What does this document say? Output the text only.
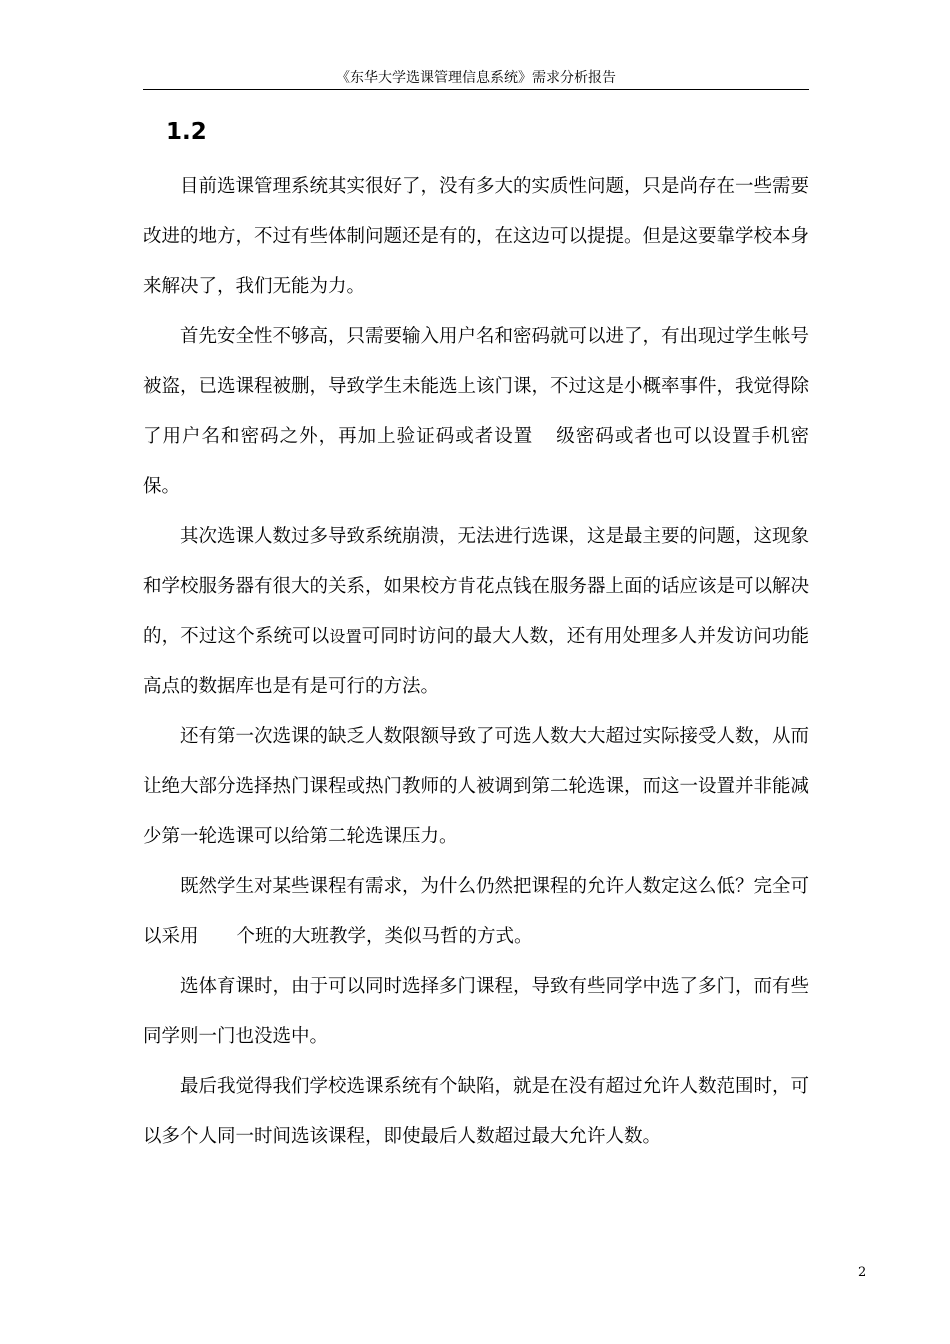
《东华大学选课管理信息系统》需求分析报告
1.2

目前选课管理系统其实很好了，没有多大的实质性问题，只是尚存在一些需要改进的地方，不过有些体制问题还是有的，在这边可以提提。但是这要靠学校本身来解决了，我们无能为力。

首先安全性不够高，只需要输入用户名和密码就可以进了，有出现过学生帐号被盗，已选课程被删，导致学生未能选上该门课，不过这是小概率事件，我觉得除了用户名和密码之外，再加上验证码或者设置 级密码或者也可以设置手机密保。

其次选课人数过多导致系统崩溃，无法进行选课，这是最主要的问题，这现象和学校服务器有很大的关系，如果校方肯花点钱在服务器上面的话应该是可以解决的，不过这个系统可以设置可同时访问的最大人数，还有用处理多人并发访问功能高点的数据库也是有是可行的方法。

还有第一次选课的缺乏人数限额导致了可选人数大大超过实际接受人数，从而让绝大部分选择热门课程或热门教师的人被调到第二轮选课，而这一设置并非能减少第一轮选课可以给第二轮选课压力。

既然学生对某些课程有需求，为什么仍然把课程的允许人数定这么低？完全可以采用 个班的大班教学，类似马哲的方式。

选体育课时，由于可以同时选择多门课程，导致有些同学中选了多门，而有些同学则一门也没选中。

最后我觉得我们学校选课系统有个缺陷，就是在没有超过允许人数范围时，可以多个人同一时间选该课程，即使最后人数超过最大允许人数。

2
